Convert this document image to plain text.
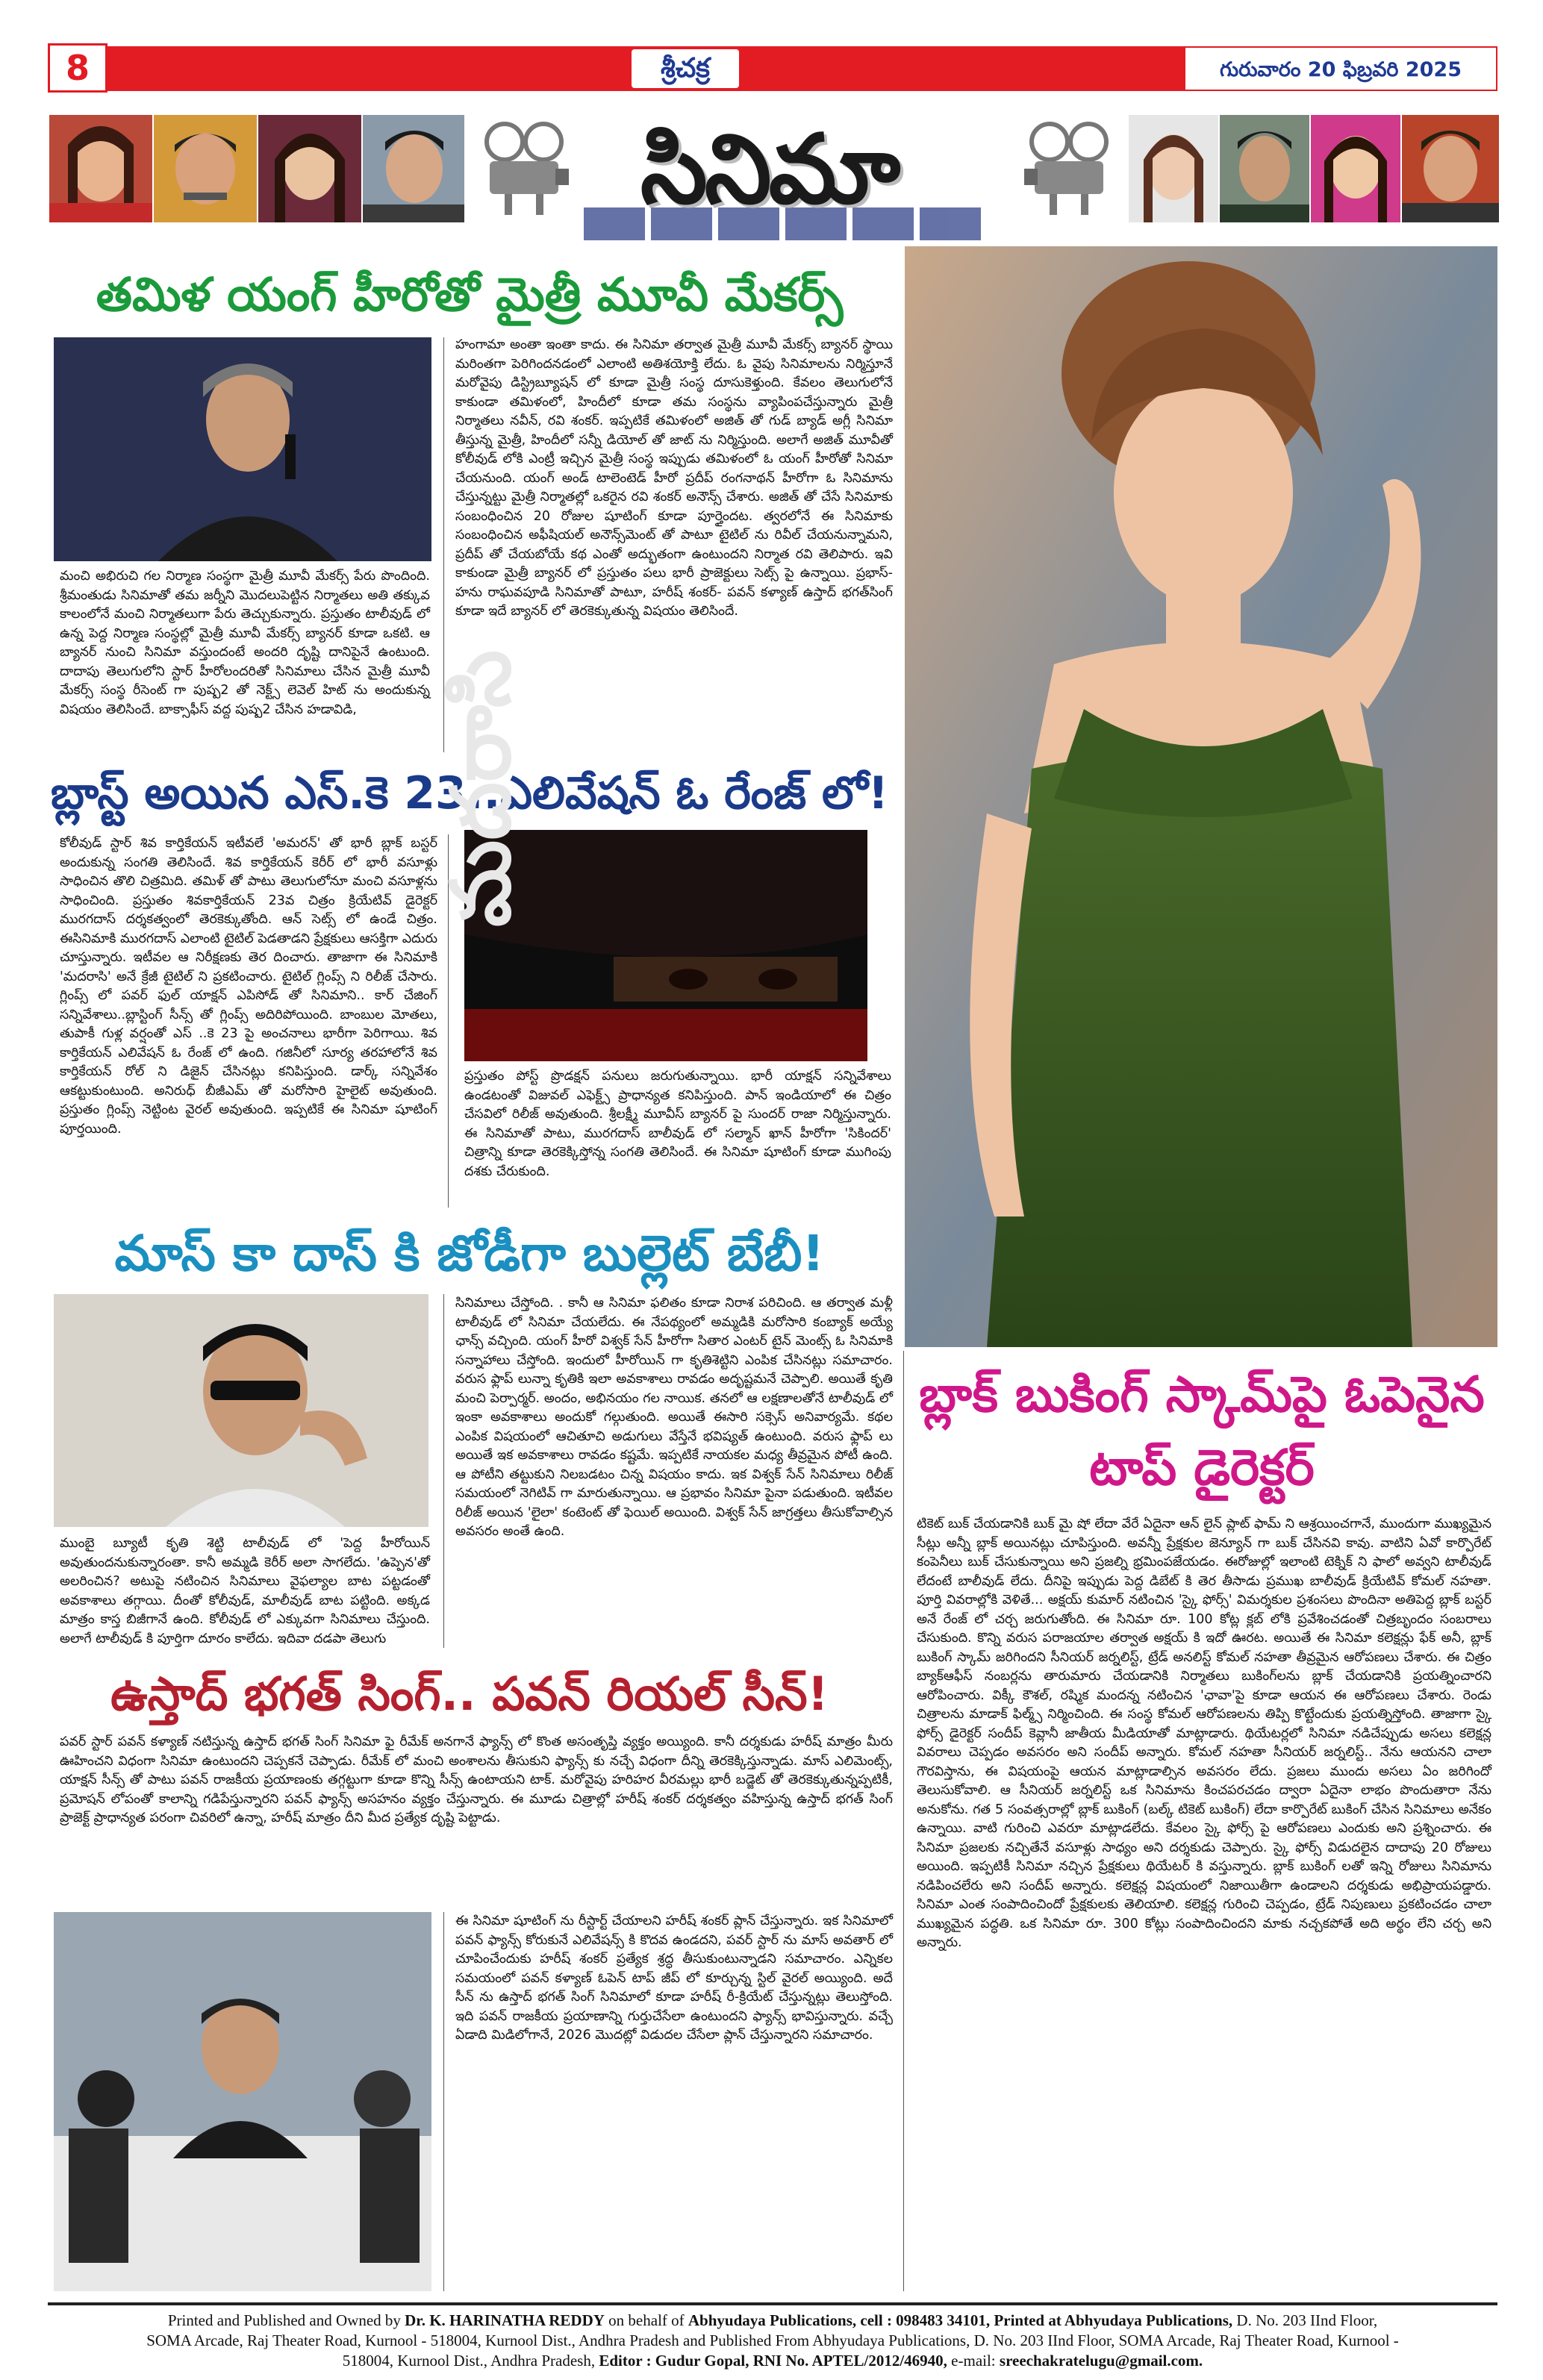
8	శ్రీచక్ర	గురువారం 20 ఫిబ్రవరి 2025
సినిమా
తమిళ యంగ్ హీరోతో మైత్రీ మూవీ మేకర్స్
మంచి అభిరుచి గల నిర్మాణ సంస్థగా మైత్రీ మూవీ మేకర్స్ పేరు పొందింది. శ్రీమంతుడు సినిమాతో తమ జర్నీని మొదలుపెట్టిన నిర్మాతలు అతి తక్కువ కాలంలోనే మంచి నిర్మాతలుగా పేరు తెచ్చుకున్నారు. ప్రస్తుతం టాలీవుడ్ లో ఉన్న పెద్ద నిర్మాణ సంస్థల్లో మైత్రీ మూవీ మేకర్స్ బ్యానర్ కూడా ఒకటి. ఆ బ్యానర్ నుంచి సినిమా వస్తుందంటే అందరి దృష్టి దానిపైనే ఉంటుంది. దాదాపు తెలుగులోని స్టార్ హీరోలందరితో సినిమాలు చేసిన మైత్రీ మూవీ మేకర్స్ సంస్థ రీసెంట్ గా పుష్ప2 తో నెక్ట్స్ లెవెల్ హిట్ ను అందుకున్న విషయం తెలిసిందే. బాక్సాఫీస్ వద్ద పుష్ప2 చేసిన హడావిడి,
హంగామా అంతా ఇంతా కాదు. ఈ సినిమా తర్వాత మైత్రీ మూవీ మేకర్స్ బ్యానర్ స్థాయి మరింతగా పెరిగిందనడంలో ఎలాంటి అతిశయోక్తి లేదు. ఓ వైపు సినిమాలను నిర్మిస్తూనే మరోవైపు డిస్ట్రిబ్యూషన్ లో కూడా మైత్రీ సంస్థ దూసుకెళ్తుంది. కేవలం తెలుగులోనే కాకుండా తమిళంలో, హిందీలో కూడా తమ సంస్థను వ్యాపింపచేస్తున్నారు మైత్రీ నిర్మాతలు నవీన్, రవి శంకర్. ఇప్పటికే తమిళంలో అజిత్ తో గుడ్ బ్యాడ్ అగ్లీ సినిమా తీస్తున్న మైత్రీ, హిందీలో సన్నీ డియోల్ తో జాట్ ను నిర్మిస్తుంది. అలాగే అజిత్ మూవీతో కోలీవుడ్ లోకి ఎంట్రీ ఇచ్చిన మైత్రీ సంస్థ ఇప్పుడు తమిళంలో ఓ యంగ్ హీరోతో సినిమా చేయనుంది. యంగ్ అండ్ టాలెంటెడ్ హీరో ప్రదీప్ రంగనాథన్ హీరోగా ఓ సినిమాను చేస్తున్నట్టు మైత్రీ నిర్మాతల్లో ఒకరైన రవి శంకర్ అనౌన్స్ చేశారు. అజిత్ తో చేసే సినిమాకు సంబంధించిన 20 రోజుల షూటింగ్ కూడా పూర్తైందట. త్వరలోనే ఈ సినిమాకు సంబంధించిన అఫీషియల్ అనౌన్స్‌మెంట్ తో పాటూ టైటిల్ ను రివీల్ చేయనున్నామని, ప్రదీప్ తో చేయబోయే కథ ఎంతో అద్భుతంగా ఉంటుందని నిర్మాత రవి తెలిపారు. ఇవి కాకుండా మైత్రీ బ్యానర్ లో ప్రస్తుతం పలు భారీ ప్రాజెక్టులు సెట్స్ పై ఉన్నాయి. ప్రభాస్- హను రాఘవపూడి సినిమాతో పాటూ, హరీష్ శంకర్- పవన్ కళ్యాణ్ ఉస్తాద్ భగత్‌సింగ్ కూడా ఇదే బ్యానర్ లో తెరకెక్కుతున్న విషయం తెలిసిందే.
బ్లాస్ట్ అయిన ఎస్.కె 23..ఎలివేషన్ ఓ రేంజ్ లో!
కోలీవుడ్ స్టార్ శివ కార్తికేయన్ ఇటీవలే 'అమరన్' తో భారీ బ్లాక్ బస్టర్ అందుకున్న సంగతి తెలిసిందే. శివ కార్తికేయన్ కెరీర్ లో భారీ వసూళ్లు సాధించిన తొలి చిత్రమిది. తమిళ్ తో పాటు తెలుగులోనూ మంచి వసూళ్లను సాధించింది. ప్రస్తుతం శివకార్తికేయన్ 23వ చిత్రం క్రియేటివ్ డైరెక్టర్ మురగదాస్ దర్శకత్వంలో తెరకెక్కుతోంది. ఆన్ సెట్స్ లో ఉండే చిత్రం. ఈసినిమాకి మురగదాస్ ఎలాంటి టైటిల్ పెడతాడని ప్రేక్షకులు ఆసక్తిగా ఎదురు చూస్తున్నారు. ఇటీవల ఆ నిరీక్షణకు తెర దించారు. తాజాగా ఈ సినిమాకి 'మదరాసి' అనే క్రేజీ టైటిల్ ని ప్రకటించారు. టైటిల్ గ్లింప్స్ ని రిలీజ్ చేసారు. గ్లింప్స్ లో పవర్ ఫుల్ యాక్షన్ ఎపిసోడ్ తో సినిమాని.. కార్ చేజింగ్ సన్నివేశాలు..బ్లాస్టింగ్ సీన్స్ తో గ్లింప్స్ అదిరిపోయింది. బాంబుల మోతలు, తుపాకీ గుళ్ల వర్షంతో ఎస్ ..కె 23 పై అంచనాలు భారీగా పెరిగాయి. శివ కార్తికేయన్ ఎలివేషన్ ఓ రేంజ్ లో ఉంది. గజినీలో సూర్య తరహాలోనే శివ కార్తికేయన్ రోల్ ని డిజైన్ చేసినట్లు కనిపిస్తుంది. డార్క్ సన్నివేశం ఆకట్టుకుంటుంది. అనిరుధ్ బీజీఎమ్ తో మరోసారి హైలైట్ అవుతుంది. ప్రస్తుతం గ్లింప్స్ నెట్టింట వైరల్ అవుతుంది. ఇప్పటికే ఈ సినిమా షూటింగ్ పూర్తయింది.
మదరాసి
ప్రస్తుతం పోస్ట్ ప్రొడక్షన్ పనులు జరుగుతున్నాయి. భారీ యాక్షన్ సన్నివేశాలు ఉండటంతో విజువల్ ఎఫెక్ట్స్ ప్రాధాన్యత కనిపిస్తుంది. పాన్ ఇండియాలో ఈ చిత్రం చేసవిలో రిలీజ్ అవుతుంది. శ్రీలక్ష్మీ మూవీస్ బ్యానర్ పై సుందర్ రాజా నిర్మిస్తున్నారు. ఈ సినిమాతో పాటు, మురగదాస్ బాలీవుడ్ లో సల్మాన్ ఖాన్ హీరోగా 'సికిందర్' చిత్రాన్ని కూడా తెరకెక్కిస్తోన్న సంగతి తెలిసిందే. ఈ సినిమా షూటింగ్ కూడా ముగింపు దశకు చేరుకుంది.
మాస్ కా దాస్ కి జోడీగా బుల్లెట్ బేబీ!
ముంబై బ్యూటీ కృతి శెట్టి టాలీవుడ్ లో 'పెద్ద హీరోయిన్ అవుతుందనుకున్నారంతా. కానీ అమ్మడి కెరీర్ అలా సాగలేదు. 'ఉప్పెన'తో అలరించిన? అటుపై నటించిన సినిమాలు వైఫల్యాల బాట పట్టడంతో అవకాశాలు తగ్గాయి. దీంతో కోలీవుడ్, మాలీవుడ్ బాట పట్టింది. అక్కడ మాత్రం కాస్త బిజీగానే ఉంది. కోలీవుడ్ లో ఎక్కువగా సినిమాలు చేస్తుంది. అలాగే టాలీవుడ్ కి పూర్తిగా దూరం కాలేదు. ఇదివా దడపా తెలుగు
సినిమాలు చేస్తోంది. . కానీ ఆ సినిమా ఫలితం కూడా నిరాశ పరిచింది. ఆ తర్వాత మళ్లీ టాలీవుడ్ లో సినిమా చేయలేదు. ఈ నేపథ్యంలో అమ్మడికి మరోసారి కంబ్యాక్ అయ్యే ఛాన్స్ వచ్చింది. యంగ్ హీరో విశ్వక్ సేన్ హీరోగా సితార ఎంటర్ టైన్ మెంట్స్ ఓ సినిమాకి సన్నాహాలు చేస్తోంది. ఇందులో హీరోయిన్ గా కృతిశెట్టిని ఎంపిక చేసినట్లు సమాచారం. వరుస ఫ్లాప్ లున్నా కృతికి ఇలా అవకాశాలు రావడం అదృష్టమనే చెప్పాలి. అయితే కృతి మంచి పెర్పార్మర్. అందం, అభినయం గల నాయిక. తనలో ఆ లక్షణాలతోనే టాలీవుడ్ లో ఇంకా అవకాశాలు అందుకో గల్గుతుంది. అయితే ఈసారి సక్సెస్ అనివార్యమే. కథల ఎంపిక విషయంలో ఆచితూచి అడుగులు వేస్తేనే భవిష్యత్ ఉంటుంది. వరుస ఫ్లాప్ లు అయితే ఇక అవకాశాలు రావడం కష్టమే. ఇప్పటికే నాయకల మధ్య తీవ్రమైన పోటీ ఉంది. ఆ పోటీని తట్టుకుని నిలబడటం చిన్న విషయం కాదు. ఇక విశ్వక్ సేన్ సినిమాలు రిలీజ్ సమయంలో నెగిటివ్ గా మారుతున్నాయి. ఆ ప్రభావం సినిమా పైనా పడుతుంది. ఇటీవల రిలీజ్ అయిన 'లైలా' కంటెంట్ తో ఫెయిల్ అయింది. విశ్వక్ సేన్ జాగ్రత్తలు తీసుకోవాల్సిన అవసరం అంతే ఉంది.
ఉస్తాద్ భగత్ సింగ్.. పవన్ రియల్ సీన్!
పవర్ స్టార్ పవన్ కళ్యాణ్ నటిస్తున్న ఉస్తాద్ భగత్ సింగ్ సినిమా ఫై రీమేక్ అనగానే ఫ్యాన్స్ లో కొంత అసంతృప్తి వ్యక్తం అయ్యింది. కానీ దర్శకుడు హరీష్ మాత్రం మీరు ఊహించని విధంగా సినిమా ఉంటుందని చెప్పకనే చెప్పాడు. రీమేక్ లో మంచి అంశాలను తీసుకుని ఫ్యాన్స్ కు నచ్చే విధంగా దీన్ని తెరకెక్కిస్తున్నాడు. మాస్ ఎలిమెంట్స్, యాక్షన్ సీన్స్ తో పాటు పవన్ రాజకీయ ప్రయాణంకు తగ్గట్టుగా కూడా కొన్ని సీన్స్ ఉంటాయని టాక్. మరోవైపు హరిహర వీరమల్లు భారీ బడ్జెట్ తో తెరకెక్కుతున్నప్పటికీ, ప్రమోషన్ లోపంతో కాలాన్ని గడిపేస్తున్నారని పవన్ ఫ్యాన్స్ అసహనం వ్యక్తం చేస్తున్నారు. ఈ మూడు చిత్రాల్లో హరీష్ శంకర్ దర్శకత్వం వహిస్తున్న ఉస్తాద్ భగత్ సింగ్ ప్రాజెక్ట్ ప్రాధాన్యత పరంగా చివరిలో ఉన్నా, హరీష్ మాత్రం దీని మీద ప్రత్యేక దృష్టి పెట్టాడు.
ఈ సినిమా షూటింగ్ ను రీస్టార్ట్ చేయాలని హరీష్ శంకర్ ప్లాన్ చేస్తున్నారు. ఇక సినిమాలో పవన్ ఫ్యాన్స్ కోరుకునే ఎలివేషన్స్ కి కొదవ ఉండదని, పవర్ స్టార్ ను మాస్ అవతార్ లో చూపించేందుకు హరీష్ శంకర్ ప్రత్యేక శ్రద్ధ తీసుకుంటున్నాడని సమాచారం. ఎన్నికల సమయంలో పవన్ కళ్యాణ్ ఓపెన్ టాప్ జీప్ లో కూర్చున్న స్టిల్ వైరల్ అయ్యింది. అదే సీన్ ను ఉస్తాద్ భగత్ సింగ్ సినిమాలో కూడా హరీష్ రీ-క్రియేట్ చేస్తున్నట్లు తెలుస్తోంది. ఇది పవన్ రాజకీయ ప్రయాణాన్ని గుర్తుచేసేలా ఉంటుందని ఫ్యాన్స్ భావిస్తున్నారు. వచ్చే ఏడాది మిడిలోగానే, 2026 మొదట్లో విడుదల చేసేలా ప్లాన్ చేస్తున్నారని సమాచారం.
బ్లాక్ బుకింగ్ స్కామ్‌పై ఓపెనైన టాప్ డైరెక్టర్
టికెట్ బుక్ చేయడానికి బుక్ మై షో లేదా వేరే ఏదైనా ఆన్ లైన్ ప్లాట్ ఫామ్ ని ఆశ్రయించగానే, ముందుగా ముఖ్యమైన సీట్లు అన్నీ బ్లాక్ అయినట్లు చూపిస్తుంది. అవన్నీ ప్రేక్షకుల జెన్యూన్ గా బుక్ చేసినవి కావు. వాటిని ఏవో కార్పొరేట్ కంపెనీలు బుక్ చేసుకున్నాయి అని ప్రజల్ని భ్రమింపజేయడం. ఈరోజుల్లో ఇలాంటి టెక్నిక్ ని ఫాలో అవ్వని టాలీవుడ్ లేదంటే బాలీవుడ్ లేదు. దీనిపై ఇప్పుడు పెద్ద డిబేట్ కి తెర తీసాడు ప్రముఖ బాలీవుడ్ క్రియేటివ్ కోమల్ నహతా. పూర్తి వివరాల్లోకి వెళితే... అక్షయ్ కుమార్ నటించిన 'స్కై ఫోర్స్' విమర్శకుల ప్రశంసలు పొందినా అతిపెద్ద బ్లాక్ బస్టర్ అనే రేంజ్ లో చర్చ జరుగుతోంది. ఈ సినిమా రూ. 100 కోట్ల క్లబ్ లోకి ప్రవేశించడంతో చిత్రబృందం సంబరాలు చేసుకుంది. కొన్ని వరుస పరాజయాల తర్వాత అక్షయ్ కి ఇదో ఊరట. అయితే ఈ సినిమా కలెక్షన్లు ఫేక్ అనీ, బ్లాక్ బుకింగ్ స్కామ్ జరిగిందని సీనియర్ జర్నలిస్ట్, ట్రేడ్ అనలిస్ట్ కోమల్ నహతా తీవ్రమైన ఆరోపణలు చేశారు. ఈ చిత్రం బ్యాక్ఆఫీస్ నంబర్లను తారుమారు చేయడానికి నిర్మాతలు బుకింగ్‌లను బ్లాక్ చేయడానికి ప్రయత్నించారని ఆరోపించారు. విక్కీ కౌశల్, రష్మిక మందన్న నటించిన 'ఛావా'పై కూడా ఆయన ఈ ఆరోపణలు చేశారు. రెండు చిత్రాలను మాడాక్ ఫిల్మ్స్ నిర్మించింది. ఈ సంస్థ కోమల్ ఆరోపణలను తిప్పి కొట్టేందుకు ప్రయత్నిస్తోంది. తాజాగా స్కై ఫోర్స్ డైరెక్టర్ సందీప్ కెవ్లానీ జాతీయ మీడియాతో మాట్లాడారు. థియేటర్లలో సినిమా నడిచేప్పుడు అసలు కలెక్షన్ల వివరాలు చెప్పడం అవసరం అని సందీప్ అన్నారు. కోమల్ నహతా సీనియర్ జర్నలిస్ట్.. నేను ఆయనని చాలా గౌరవిస్తాను, ఈ విషయంపై ఆయన మాట్లాడాల్సిన అవసరం లేదు. ప్రజలు ముందు అసలు ఏం జరిగిందో తెలుసుకోవాలి. ఆ సీనియర్ జర్నలిస్ట్ ఒక సినిమాను కించపరచడం ద్వారా ఏదైనా లాభం పొందుతారా నేను అనుకోను. గత 5 సంవత్సరాల్లో బ్లాక్ బుకింగ్ (బల్క్ టికెట్ బుకింగ్) లేదా కార్పొరేట్ బుకింగ్ చేసిన సినిమాలు అనేకం ఉన్నాయి. వాటి గురించి ఎవరూ మాట్లాడలేదు. కేవలం స్కై ఫోర్స్ పై ఆరోపణలు ఎందుకు అని ప్రశ్నించారు. ఈ సినిమా ప్రజలకు నచ్చితేనే వసూళ్లు సాధ్యం అని దర్శకుడు చెప్పారు. స్కై ఫోర్స్ విడుదలైన దాదాపు 20 రోజులు అయింది. ఇప్పటికీ సినిమా నచ్చిన ప్రేక్షకులు థియేటర్ కి వస్తున్నారు. బ్లాక్ బుకింగ్ లతో ఇన్ని రోజులు సినిమాను నడిపించలేరు అని సందీప్ అన్నారు. కలెక్షన్ల విషయంలో నిజాయితీగా ఉండాలని దర్శకుడు అభిప్రాయపడ్డారు. సినిమా ఎంత సంపాదించిందో ప్రేక్షకులకు తెలియాలి. కలెక్షన్ల గురించి చెప్పడం, ట్రేడ్ నిపుణులు ప్రకటించడం చాలా ముఖ్యమైన పద్ధతి. ఒక సినిమా రూ. 300 కోట్లు సంపాదించిందని మాకు నచ్చకపోతే అది అర్థం లేని చర్చ అని అన్నారు.
Printed and Published and Owned by Dr. K. HARINATHA REDDY on behalf of Abhyudaya Publications, cell : 098483 34101, Printed at Abhyudaya Publications, D. No. 203 IInd Floor,
SOMA Arcade, Raj Theater Road, Kurnool - 518004, Kurnool Dist., Andhra Pradesh and Published From Abhyudaya Publications, D. No. 203 IInd Floor, SOMA Arcade, Raj Theater Road, Kurnool -
518004, Kurnool Dist., Andhra Pradesh, Editor : Gudur Gopal, RNI No. APTEL/2012/46940, e-mail: sreechakratelugu@gmail.com.
